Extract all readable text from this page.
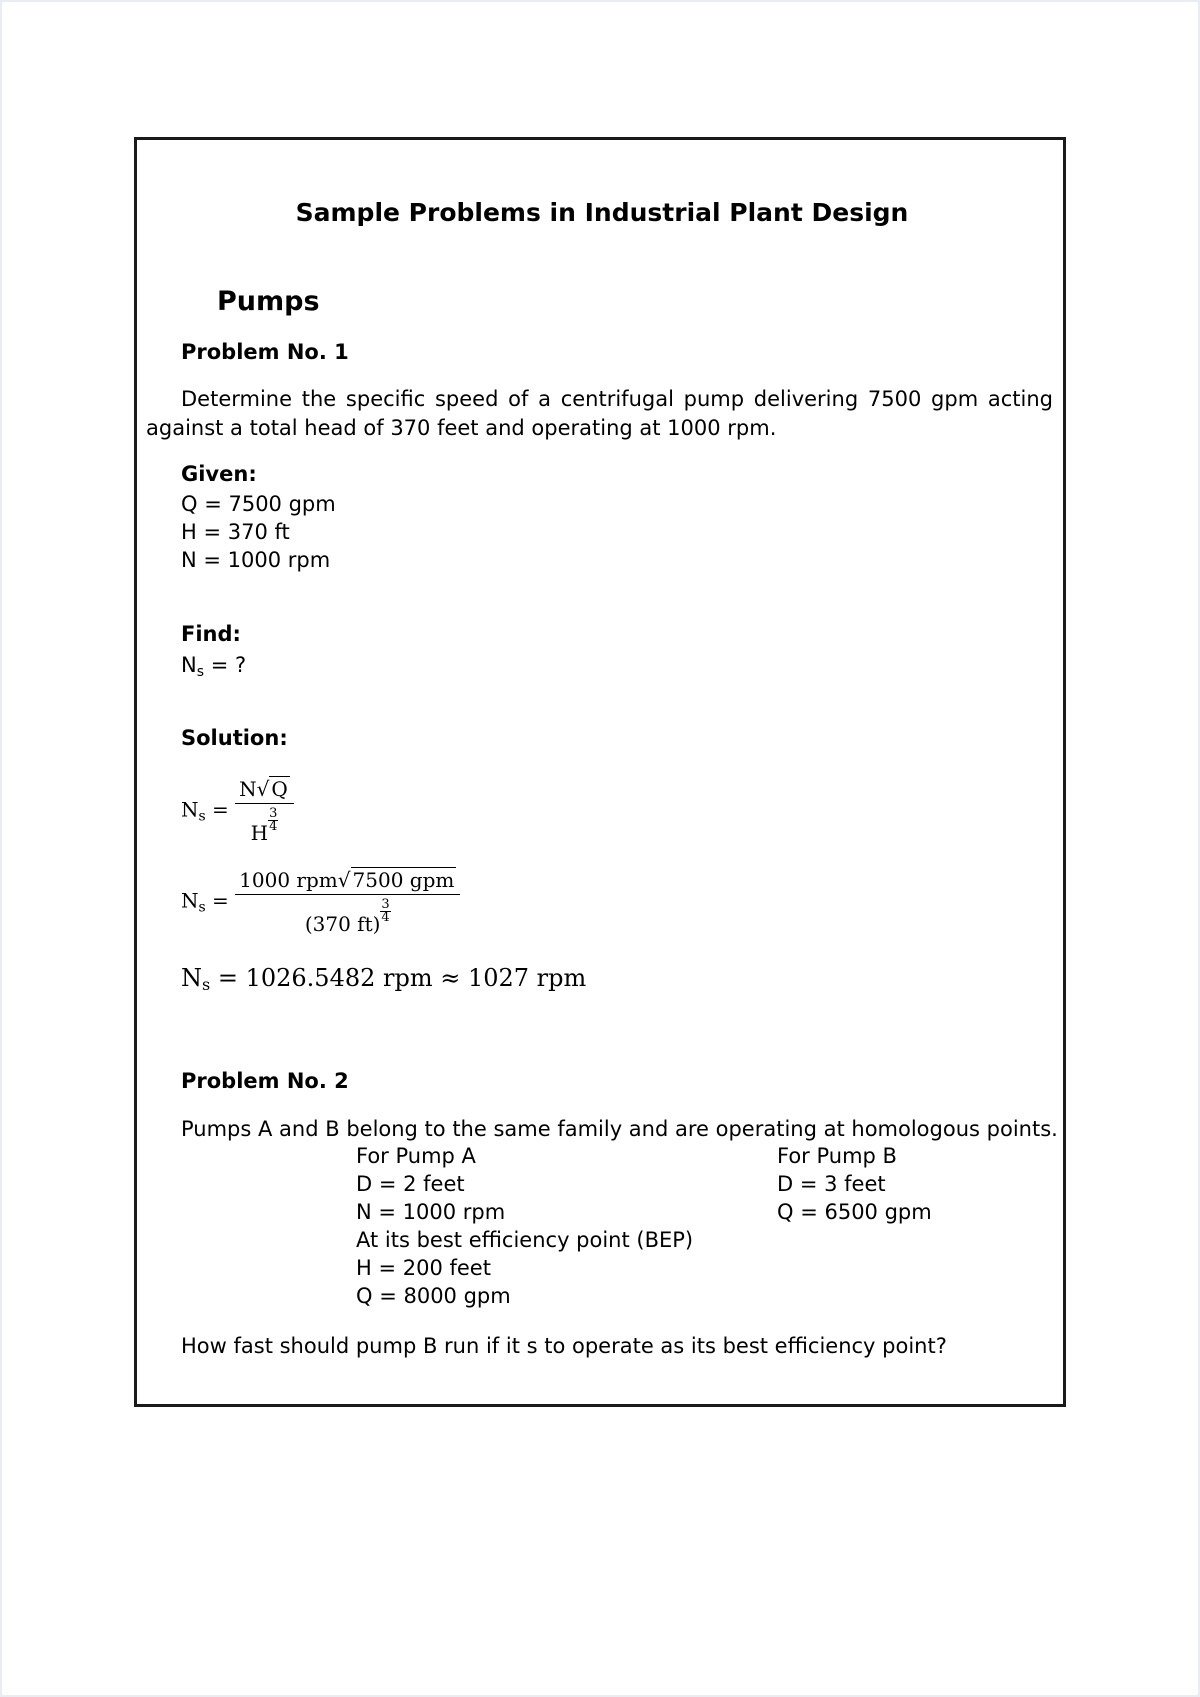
Sample Problems in Industrial Plant Design
Pumps
Problem No. 1
Determine the specific speed of a centrifugal pump delivering 7500 gpm acting
against a total head of 370 feet and operating at 1000 rpm.
Given:
Q = 7500 gpm
H = 370 ft
N = 1000 rpm
Find:
$N_s$ = ?
Solution:
$N_s = \frac{N√ Q}{H \frac{3}{4}}$
$N_s = \frac{\text{1000 rpm√ 7500 gpm}}{(370 ft) \frac{3}{4}}$
$N_s = 1026.5482$ rpm ≈ 1027 rpm
Problem No. 2
Pumps A and B belong to the same family and are operating at homologous points.
For Pump A
D = 2 feet
N = 1000 rpm
At its best efficiency point (BEP)
H = 200 feet
Q = 8000 gpm
For Pump B
D = 3 feet
Q = 6500 gpm
How fast should pump B run if it s to operate as its best efficiency point?
